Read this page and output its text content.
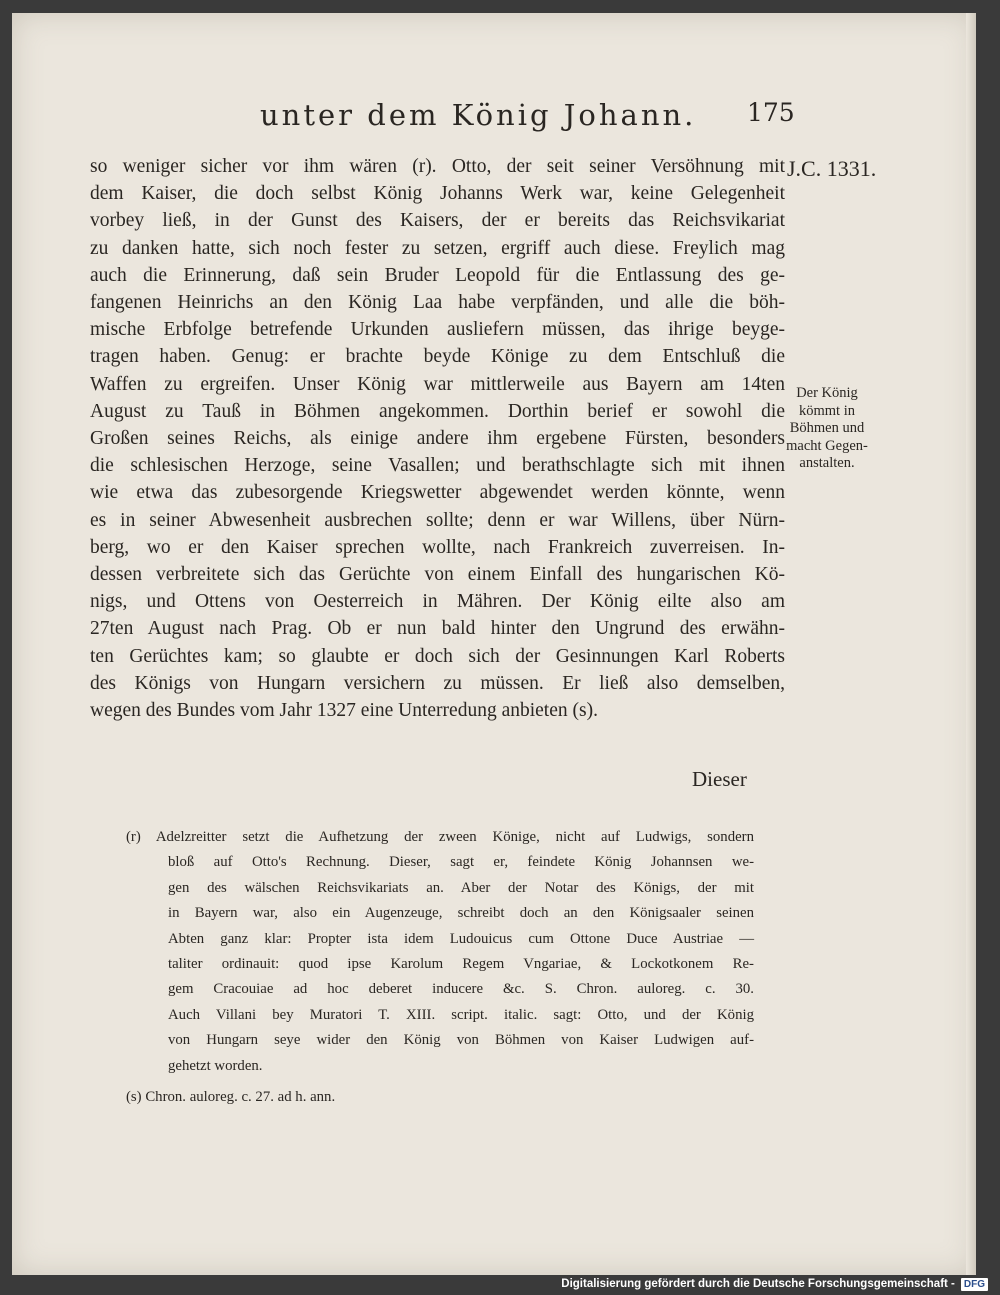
unter dem König Johann. 175
J.C. 1331.
Der König
kömmt in
Böhmen und
macht Gegen-
anstalten.
so weniger sicher vor ihm wären (r). Otto, der seit seiner Versöhnung mit
dem Kaiser, die doch selbst König Johanns Werk war, keine Gelegenheit
vorbey ließ, in der Gunst des Kaisers, der er bereits das Reichsvikariat
zu danken hatte, sich noch fester zu setzen, ergriff auch diese. Freylich mag
auch die Erinnerung, daß sein Bruder Leopold für die Entlassung des ge-
fangenen Heinrichs an den König Laa habe verpfänden, und alle die böh-
mische Erbfolge betrefende Urkunden ausliefern müssen, das ihrige beyge-
tragen haben. Genug: er brachte beyde Könige zu dem Entschluß die
Waffen zu ergreifen. Unser König war mittlerweile aus Bayern am 14ten
August zu Tauß in Böhmen angekommen. Dorthin berief er sowohl die
Großen seines Reichs, als einige andere ihm ergebene Fürsten, besonders
die schlesischen Herzoge, seine Vasallen; und berathschlagte sich mit ihnen
wie etwa das zubesorgende Kriegswetter abgewendet werden könnte, wenn
es in seiner Abwesenheit ausbrechen sollte; denn er war Willens, über Nürn-
berg, wo er den Kaiser sprechen wollte, nach Frankreich zuverreisen. In-
dessen verbreitete sich das Gerüchte von einem Einfall des hungarischen Kö-
nigs, und Ottens von Oesterreich in Mähren. Der König eilte also am
27ten August nach Prag. Ob er nun bald hinter den Ungrund des erwähn-
ten Gerüchtes kam; so glaubte er doch sich der Gesinnungen Karl Roberts
des Königs von Hungarn versichern zu müssen. Er ließ also demselben,
wegen des Bundes vom Jahr 1327 eine Unterredung anbieten (s).
Dieser
(r) Adelzreitter setzt die Aufhetzung der zween Könige, nicht auf Ludwigs, sondern
bloß auf Otto's Rechnung. Dieser, sagt er, feindete König Johannsen we-
gen des wälschen Reichsvikariats an. Aber der Notar des Königs, der mit
in Bayern war, also ein Augenzeuge, schreibt doch an den Königsaaler seinen
Abten ganz klar: Propter ista idem Ludouicus cum Ottone Duce Austriae —
taliter ordinauit: quod ipse Karolum Regem Vngariae, & Lockotkonem Re-
gem Cracouiae ad hoc deberet inducere &c. S. Chron. auloreg. c. 30.
Auch Villani bey Muratori T. XIII. script. italic. sagt: Otto, und der König
von Hungarn seye wider den König von Böhmen von Kaiser Ludwigen auf-
gehetzt worden.
(s) Chron. auloreg. c. 27. ad h. ann.
Digitalisierung gefördert durch die Deutsche Forschungsgemeinschaft - DFG
